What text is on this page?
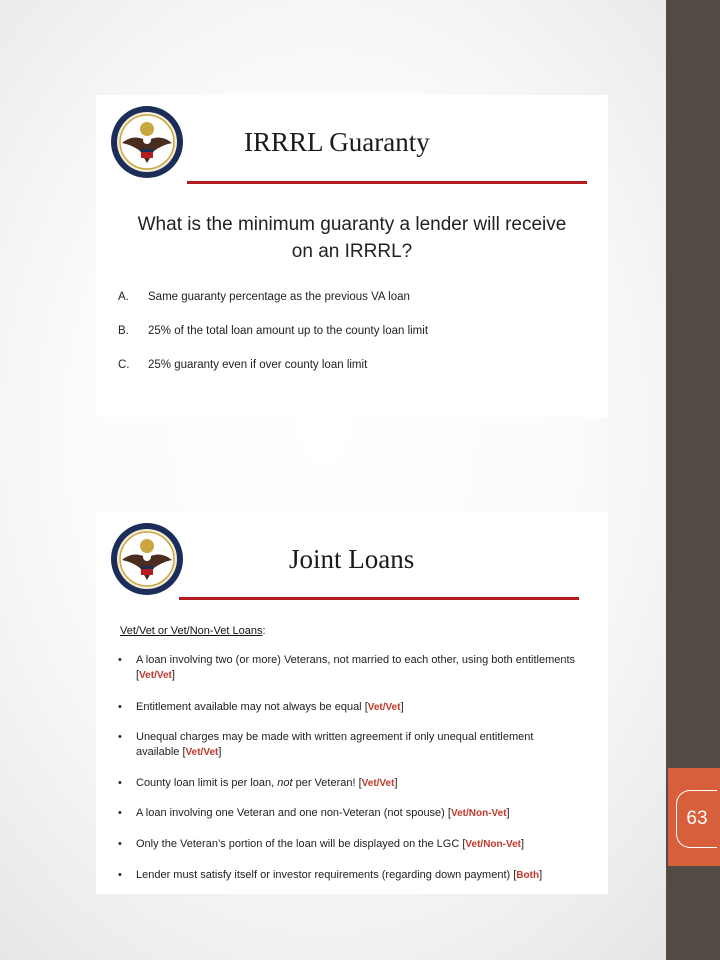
63
IRRRL Guaranty
What is the minimum guaranty a lender will receive on an IRRRL?
A.	Same guaranty percentage as the previous VA loan
B.	25% of the total loan amount up to the county loan limit
C.	25% guaranty even if over county loan limit
Joint Loans
Vet/Vet or Vet/Non-Vet Loans:
• A loan involving two (or more) Veterans, not married to each other, using both entitlements [Vet/Vet]
• Entitlement available may not always be equal [Vet/Vet]
• Unequal charges may be made with written agreement if only unequal entitlement available [Vet/Vet]
• County loan limit is per loan, not per Veteran! [Vet/Vet]
• A loan involving one Veteran and one non-Veteran (not spouse) [Vet/Non-Vet]
• Only the Veteran’s portion of the loan will be displayed on the LGC [Vet/Non-Vet]
• Lender must satisfy itself or investor requirements (regarding down payment) [Both]
